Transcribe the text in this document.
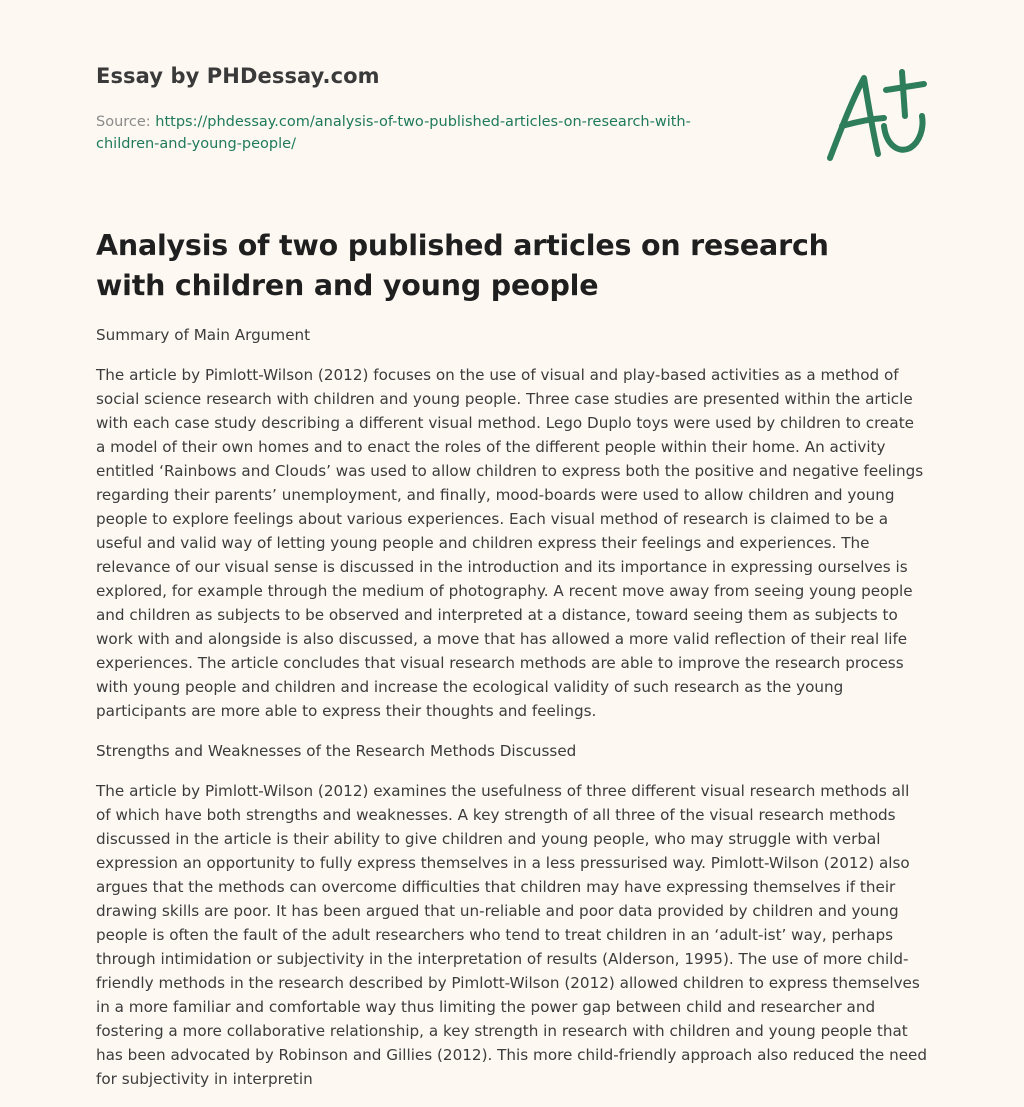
Essay by PHDessay.com

Source: https://phdessay.com/analysis-of-two-published-articles-on-research-with-children-and-young-people/

Analysis of two published articles on research with children and young people

Summary of Main Argument

The article by Pimlott-Wilson (2012) focuses on the use of visual and play-based activities as a method of social science research with children and young people. Three case studies are presented within the article with each case study describing a different visual method. Lego Duplo toys were used by children to create a model of their own homes and to enact the roles of the different people within their home. An activity entitled ‘Rainbows and Clouds’ was used to allow children to express both the positive and negative feelings regarding their parents’ unemployment, and finally, mood-boards were used to allow children and young people to explore feelings about various experiences. Each visual method of research is claimed to be a useful and valid way of letting young people and children express their feelings and experiences. The relevance of our visual sense is discussed in the introduction and its importance in expressing ourselves is explored, for example through the medium of photography. A recent move away from seeing young people and children as subjects to be observed and interpreted at a distance, toward seeing them as subjects to work with and alongside is also discussed, a move that has allowed a more valid reflection of their real life experiences. The article concludes that visual research methods are able to improve the research process with young people and children and increase the ecological validity of such research as the young participants are more able to express their thoughts and feelings.

Strengths and Weaknesses of the Research Methods Discussed

The article by Pimlott-Wilson (2012) examines the usefulness of three different visual research methods all of which have both strengths and weaknesses. A key strength of all three of the visual research methods discussed in the article is their ability to give children and young people, who may struggle with verbal expression an opportunity to fully express themselves in a less pressurised way. Pimlott-Wilson (2012) also argues that the methods can overcome difficulties that children may have expressing themselves if their drawing skills are poor. It has been argued that un-reliable and poor data provided by children and young people is often the fault of the adult researchers who tend to treat children in an ‘adult-ist’ way, perhaps through intimidation or subjectivity in the interpretation of results (Alderson, 1995). The use of more child-friendly methods in the research described by Pimlott-Wilson (2012) allowed children to express themselves in a more familiar and comfortable way thus limiting the power gap between child and researcher and fostering a more collaborative relationship, a key strength in research with children and young people that has been advocated by Robinson and Gillies (2012). This more child-friendly approach also reduced the need for subjectivity in interpretin
